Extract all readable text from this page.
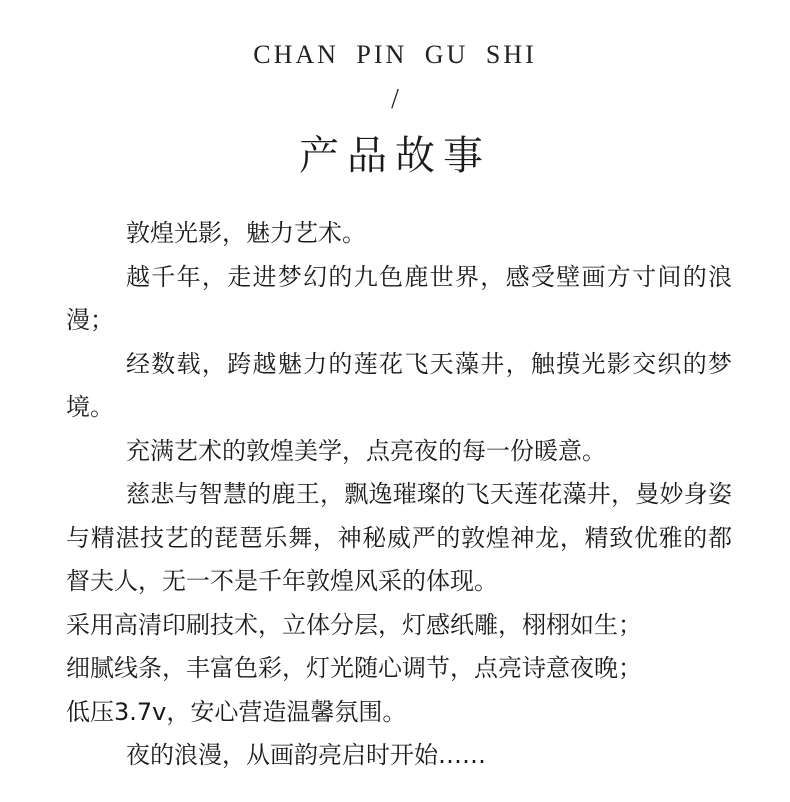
CHAN PIN GU SHI
/
产品故事

敦煌光影，魅力艺术。

越千年，走进梦幻的九色鹿世界，感受壁画方寸间的浪漫；

经数载，跨越魅力的莲花飞天藻井，触摸光影交织的梦境。

充满艺术的敦煌美学，点亮夜的每一份暖意。

慈悲与智慧的鹿王，飘逸璀璨的飞天莲花藻井，曼妙身姿与精湛技艺的琵琶乐舞，神秘威严的敦煌神龙，精致优雅的都督夫人，无一不是千年敦煌风采的体现。

采用高清印刷技术，立体分层，灯感纸雕，栩栩如生；

细腻线条，丰富色彩，灯光随心调节，点亮诗意夜晚；

低压3.7v，安心营造温馨氛围。

夜的浪漫，从画韵亮启时开始……
